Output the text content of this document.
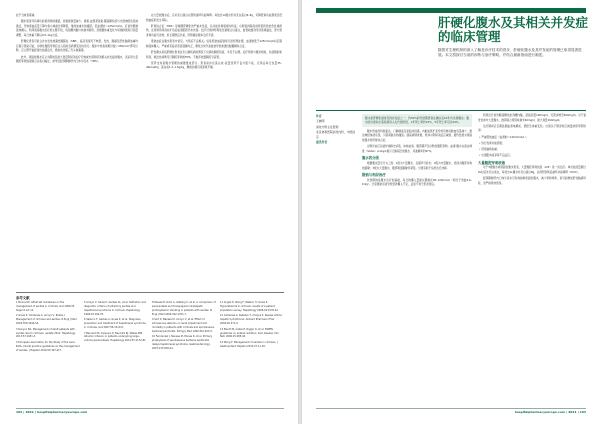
拉不当或者衰减。

腹水患者伴有肾功能衰退和钠潴留，尿钠排泄量减少。肾素-血管紧张素-醛固酮系统与交感神经系统被激活，导致肾血流量下降与肾小球滤过率降低，继而加重水钠潴留。若血清钠＜125mmol/L，应首先限制液体摄入。利尿剂是腹水治疗的主要手段，包括螺内酯与呋塞米联用，需根据体重变化与尿钠排泄进行剂量调整，每日体重下降以0.5–1kg为宜。

肝硬化患者可能合并自发性细菌性腹膜炎（SBP），临床表现可不典型。发热、腹痛及肝性脑病加重均应提示感染可能，诊断性腹腔穿刺应在入院时及病情变化时进行。腹水中性粒细胞计数＞250/mm³即可诊断，应立即开始经验性抗菌治疗，通常首选第三代头孢菌素。

此外，顽固性腹水定义为限钠及最大剂量利尿剂治疗无效或出现利尿剂相关并发症的腹水，需采用大量腹腔穿刺放液联合白蛋白输注，或考虑经颈静脉肝内门体分流术（TIPS）。

在大量放腹水后，应补充白蛋白以预防循环功能障碍。每放出1L腹水约补充白蛋白6–8g，可降低肾功能损害及低钠血症的发生风险。

肝肾综合征（HRS）是晚期肝硬化的严重并发症，以功能性肾衰竭为特征。诊断需排除其他原因所致的急性肾损伤，在停用利尿剂并扩容后血清肌酐仍未改善。治疗可选择特利加压素联合白蛋白，血管收缩剂可改善肾灌注，部分患者肾功能可逆转，但长期预后仍差，肝移植是根本治疗手段。

低钠血症在腹水患者中常见，与预后不良相关。轻度低钠血症通常无需特殊处理，血清钠低于125mmol/L时应限制液体摄入；严重或有症状者需谨慎纠正，避免过快升高血钠导致渗透性脱髓鞘综合征。

肝性胸水是指肝硬化患者在无心肺疾病的情况下出现的胸腔积液，多见于右侧。治疗原则与腹水相似，包括限钠和利尿，难治性病例可行胸腔穿刺或TIPS，不推荐放置胸腔引流管。

营养支持是腹水管理的重要组成部分。患者常存在蛋白质-能量营养不良与肌少症，应保证每日热量35–40kcal/kg、蛋白质1.2–1.5g/kg，睡前加餐可改善氮平衡。

参考文献
1 Moore KP, Aithal GP. Guidelines on the management of ascites in cirrhosis. Gut 2006;55 Suppl 6:vi1-12.
2 Ginès P, Cárdenas A, Arroyo V, Rodés J. Management of cirrhosis and ascites. N Engl J Med 2004;350:1646-54.
3 Runyon BA. Management of adult patients with ascites due to cirrhosis: update 2012. Hepatology 2013;57:1651-3.
4 European Association for the Study of the Liver. EASL clinical practice guidelines on the management of ascites. J Hepatol 2010;53:397-417.
5 Arroyo V, Ginès P, Gerbes AL, et al. Definition and diagnostic criteria of refractory ascites and hepatorenal syndrome in cirrhosis. Hepatology 1996;23:164-76.
6 Salerno F, Gerbes A, Ginès P, et al. Diagnosis, prevention and treatment of hepatorenal syndrome in cirrhosis. Gut 2007;56:1310-8.
7 Bernardi M, Caraceni P, Navickis RJ, Wilkes MM. Albumin infusion in patients undergoing large-volume paracentesis. Hepatology 2012;55:1172-81.
8 Rössle M, Ochs A, Gülberg V, et al. A comparison of paracentesis and transjugular intrahepatic portosystemic shunting in patients with ascites. N Engl J Med 2000;342:1701-7.
9 Sort P, Navasa M, Arroyo V, et al. Effect of intravenous albumin on renal impairment and mortality in patients with cirrhosis and spontaneous bacterial peritonitis. N Engl J Med 1999;341:403-9.
10 Fernández J, Navasa M, Planas R, et al. Primary prophylaxis of spontaneous bacterial peritonitis delays hepatorenal syndrome. Gastroenterology 2007;133:818-24.
11 Angeli P, Wong F, Watson H, Ginès P. Hyponatremia in cirrhosis: results of a patient population survey. Hepatology 2006;44:1535-42.
12 Cárdenas A, Kelleher T, Chopra S. Review article: hepatic hydrothorax. Aliment Pharmacol Ther 2004;20:271-9.
13 Plauth M, Cabré E, Riggio O, et al. ESPEN guidelines on enteral nutrition: liver disease. Clin Nutr 2006;25:285-94.
14 Wong F. Management of ascites in cirrhosis. J Gastroenterol Hepatol 2012;27:11-20.
162 | 2021 | hospitalpharmacyeurope.com
肝硬化腹水及其相关并发症的临床管理
随着对生理机制的深入了解及诊疗技术的进步，肝硬化腹水及其并发症的管理已取得显著进展。本文将探讨当前的诊断与治疗策略，并结合最新指南进行阐述。
作者
王晓明
消化内科主任医师
北京协和医院消化内科，中国北京
通讯作者
腹水是肝硬化最常见的并发症之一，约50%的代偿期患者在确诊后10年内出现腹水。腹水的出现标志着疾病进入失代偿阶段，1年死亡率约15%，5年死亡率可达44%。

腹水形成的机制复杂，门静脉高压是始动因素。内脏血管扩张导致有效动脉血容量减少，激活神经体液系统，引起肾脏水钠潴留。随着病情进展，机体对利尿剂反应减弱，最终发展为顽固性腹水和肝肾综合征。

诊断评估应包括详细病史采集、体格检查、腹部超声及诊断性腹腔穿刺。血清-腹水白蛋白梯度（SAAG）≥11g/L提示门脉高压性腹水，其准确率约97%。

腹水的分级

根据腹水量可分为三级：1级为少量腹水，仅超声可检出；2级为中量腹水，表现为腹部对称性膨隆；3级为大量腹水，腹部明显膨隆伴紧张。分级有助于指导治疗选择。

限钠与利尿治疗

饮食限钠是腹水治疗的基础，每日钠摄入量建议限制在80–120mmol（相当于食盐4.6–6.9g）。过度限钠可能导致营养摄入不足，反而不利于患者预后。

利尿治疗首选醛固酮拮抗剂螺内酯，起始剂量100mg/d，可逐步增至400mg/d。对于复发性或中大量腹水，推荐联合使用呋塞米40mg/d，最大剂量160mg/d。

治疗期间应定期监测血清电解质、肌酐及体重变化。出现以下情况时应减量或停用利尿剂：

• 严重低钠血症（血清钠＜120mmol/L）；

• 进行性肾功能损害；

• 肝性脑病加重；

• 出现肌肉痉挛等不良反应。

大量腹腔穿刺放液

对于3级腹水或顽固性腹水患者，大量腹腔穿刺放液（LVP）是一线治疗。单次放液量超过5L时应补充白蛋白，每放出1L腹水补充白蛋白8g，以预防穿刺后循环功能障碍（PICD）。

经颈静脉肝内门体分流术可有效控制顽固性腹水，减少穿刺频率，但可能增加肝性脑病风险，需严格筛选患者。

hospitalpharmacyeurope.com | 2021 | 163
